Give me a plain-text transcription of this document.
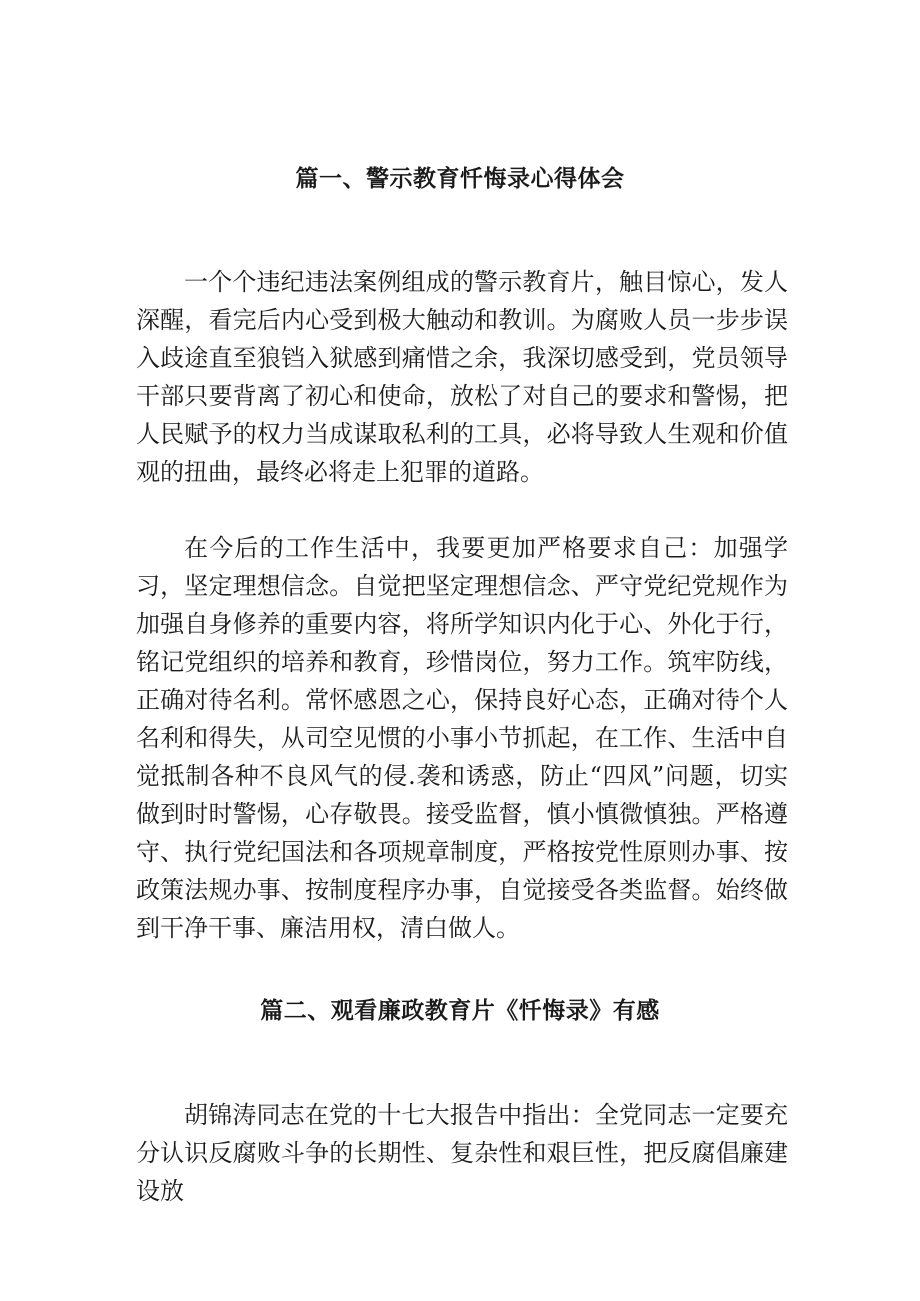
篇一、警示教育忏悔录心得体会

一个个违纪违法案例组成的警示教育片，触目惊心，发人深醒，看完后内心受到极大触动和教训。为腐败人员一步步误入歧途直至狼铛入狱感到痛惜之余，我深切感受到，党员领导干部只要背离了初心和使命，放松了对自己的要求和警惕，把人民赋予的权力当成谋取私利的工具，必将导致人生观和价值观的扭曲，最终必将走上犯罪的道路。

在今后的工作生活中，我要更加严格要求自己：加强学习，坚定理想信念。自觉把坚定理想信念、严守党纪党规作为加强自身修养的重要内容，将所学知识内化于心、外化于行，铭记党组织的培养和教育，珍惜岗位，努力工作。筑牢防线，正确对待名利。常怀感恩之心，保持良好心态，正确对待个人名利和得失，从司空见惯的小事小节抓起，在工作、生活中自觉抵制各种不良风气的侵.袭和诱惑，防止“四风”问题，切实做到时时警惕，心存敬畏。接受监督，慎小慎微慎独。严格遵守、执行党纪国法和各项规章制度，严格按党性原则办事、按政策法规办事、按制度程序办事，自觉接受各类监督。始终做到干净干事、廉洁用权，清白做人。

篇二、观看廉政教育片《忏悔录》有感

胡锦涛同志在党的十七大报告中指出：全党同志一定要充分认识反腐败斗争的长期性、复杂性和艰巨性，把反腐倡廉建设放
